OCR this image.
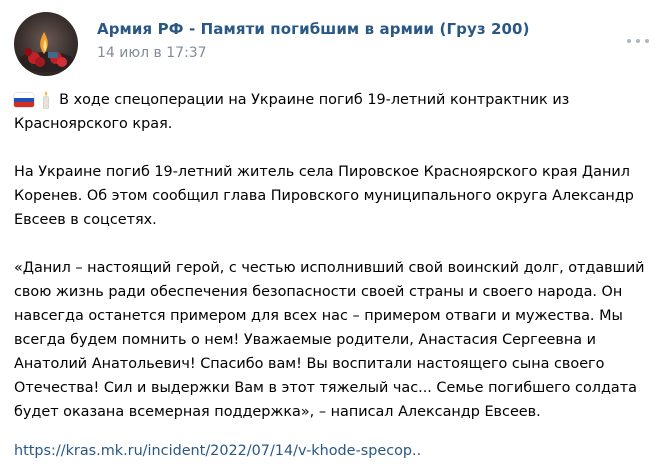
Армия РФ - Памяти погибшим в армии (Груз 200)
14 июл в 17:37

В ходе спецоперации на Украине погиб 19-летний контрактник из Красноярского края.

На Украине погиб 19-летний житель села Пировское Красноярского края Данил Коренев. Об этом сообщил глава Пировского муниципального округа Александр Евсеев в соцсетях.

«Данил – настоящий герой, с честью исполнивший свой воинский долг, отдавший свою жизнь ради обеспечения безопасности своей страны и своего народа. Он навсегда останется примером для всех нас – примером отваги и мужества. Мы всегда будем помнить о нем! Уважаемые родители, Анастасия Сергеевна и Анатолий Анатольевич! Спасибо вам! Вы воспитали настоящего сына своего Отечества! Сил и выдержки Вам в этот тяжелый час... Семье погибшего солдата будет оказана всемерная поддержка», – написал Александр Евсеев.

https://kras.mk.ru/incident/2022/07/14/v-khode-specop..
